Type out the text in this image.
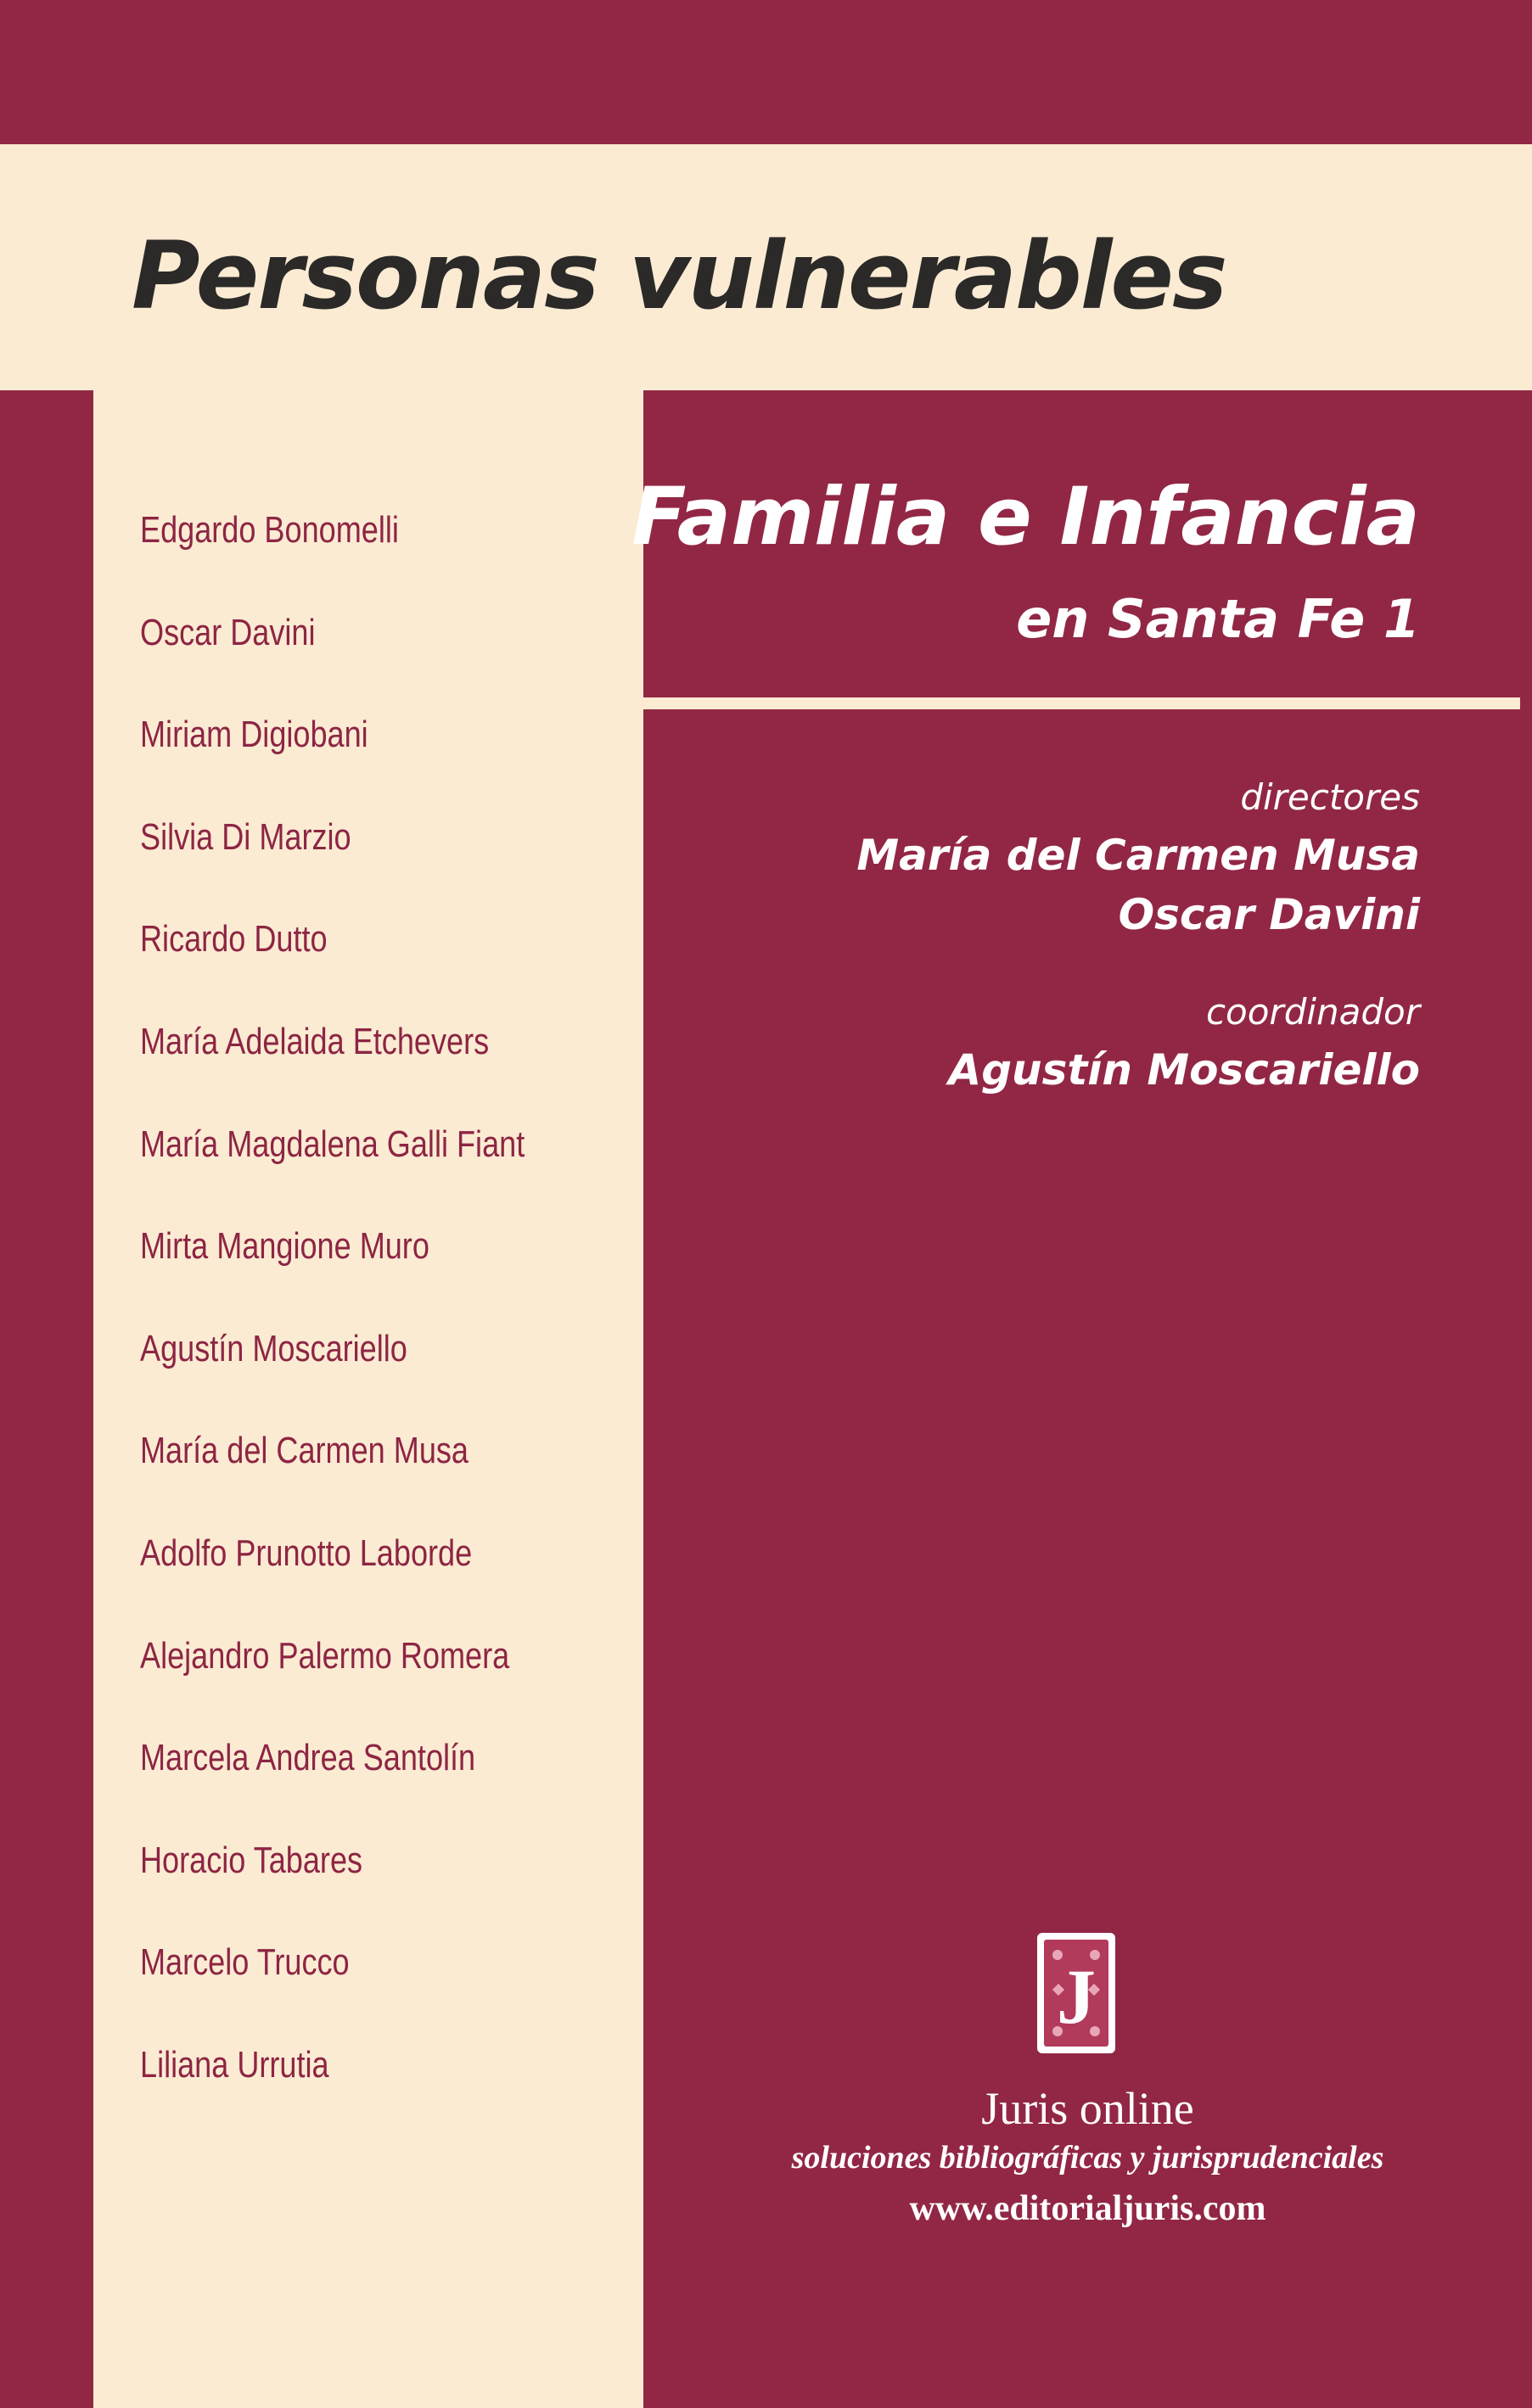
Personas vulnerables
Edgardo Bonomelli
Oscar Davini
Miriam Digiobani
Silvia Di Marzio
Ricardo Dutto
María Adelaida Etchevers
María Magdalena Galli Fiant
Mirta Mangione Muro
Agustín Moscariello
María del Carmen Musa
Adolfo Prunotto Laborde
Alejandro Palermo Romera
Marcela Andrea Santolín
Horacio Tabares
Marcelo Trucco
Liliana Urrutia
Familia e Infancia
en Santa Fe 1
directores
María del Carmen Musa
Oscar Davini
coordinador
Agustín Moscariello
J
Juris online
soluciones bibliográficas y jurisprudenciales
www.editorialjuris.com
